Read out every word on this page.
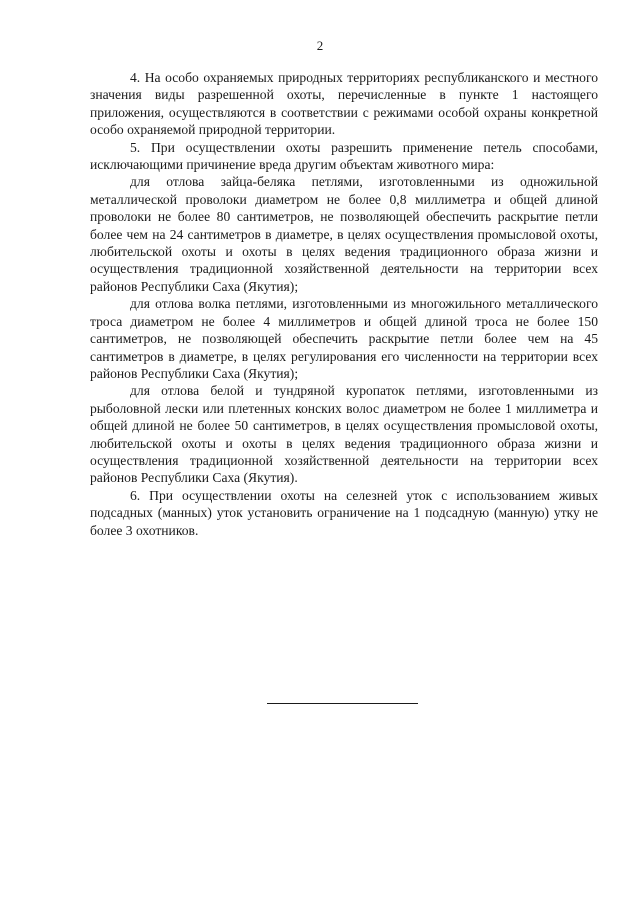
2

4. На особо охраняемых природных территориях республиканского и местного значения виды разрешенной охоты, перечисленные в пункте 1 настоящего приложения, осуществляются в соответствии с режимами особой охраны конкретной особо охраняемой природной территории.

5. При осуществлении охоты разрешить применение петель способами, исключающими причинение вреда другим объектам животного мира:

для отлова зайца-беляка петлями, изготовленными из одножильной металлической проволоки диаметром не более 0,8 миллиметра и общей длиной проволоки не более 80 сантиметров, не позволяющей обеспечить раскрытие петли более чем на 24 сантиметров в диаметре, в целях осуществления промысловой охоты, любительской охоты и охоты в целях ведения традиционного образа жизни и осуществления традиционной хозяйственной деятельности на территории всех районов Республики Саха (Якутия);

для отлова волка петлями, изготовленными из многожильного металлического троса диаметром не более 4 миллиметров и общей длиной троса не более 150 сантиметров, не позволяющей обеспечить раскрытие петли более чем на 45 сантиметров в диаметре, в целях регулирования его численности на территории всех районов Республики Саха (Якутия);

для отлова белой и тундряной куропаток петлями, изготовленными из рыболовной лески или плетенных конских волос диаметром не более 1 миллиметра и общей длиной не более 50 сантиметров, в целях осуществления промысловой охоты, любительской охоты и охоты в целях ведения традиционного образа жизни и осуществления традиционной хозяйственной деятельности на территории всех районов Республики Саха (Якутия).

6. При осуществлении охоты на селезней уток с использованием живых подсадных (манных) уток установить ограничение на 1 подсадную (манную) утку не более 3 охотников.
